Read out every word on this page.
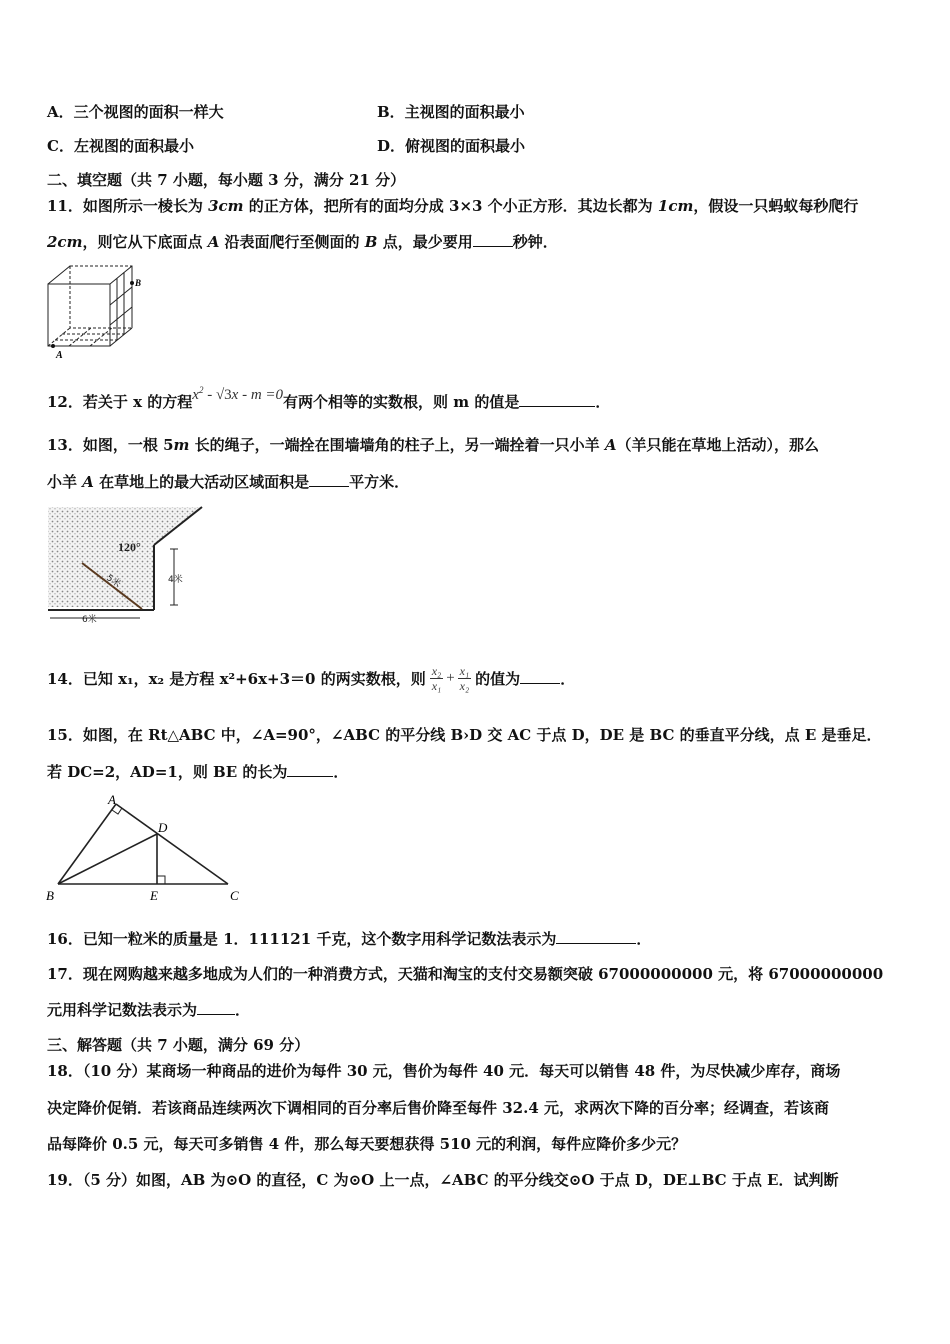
A．三个视图的面积一样大	B．主视图的面积最小
C．左视图的面积最小	D．俯视图的面积最小
二、填空题（共 7 小题，每小题 3 分，满分 21 分）
11．如图所示一棱长为 3cm 的正方体，把所有的面均分成 3×3 个小正方形．其边长都为 1cm，假设一只蚂蚁每秒爬行
2cm，则它从下底面点 A 沿表面爬行至侧面的 B 点，最少要用	秒钟．
B
A
12．若关于 x 的方程$x^2 - √3x - m =0$有两个相等的实数根，则 m 的值是	．
13．如图，一根 5m 长的绳子，一端拴在围墙墙角的柱子上，另一端拴着一只小羊 A（羊只能在草地上活动），那么
小羊 A 在草地上的最大活动区域面积是	平方米．
120°
5米	4米
6米
14．已知 x₁，x₂ 是方程 x²+6x+3＝0 的两实数根，则 $\frac{\text{x₂}}{\text{x₁}} + \frac{\text{x₁}}{\text{x₂}}$ 的值为	．
15．如图，在 Rt△ABC 中，∠A=90°，∠ABC 的平分线 B›D 交 AC 于点 D，DE 是 BC 的垂直平分线，点 E 是垂足．
若 DC=2，AD=1，则 BE 的长为	．
A
B	C
D
E
16．已知一粒米的质量是 1．111121 千克，这个数字用科学记数法表示为	．
17．现在网购越来越多地成为人们的一种消费方式，天猫和淘宝的支付交易额突破 67000000000 元，将 67000000000
元用科学记数法表示为	．
三、解答题（共 7 小题，满分 69 分）
18．（10 分）某商场一种商品的进价为每件 30 元，售价为每件 40 元．每天可以销售 48 件，为尽快减少库存，商场
决定降价促销．若该商品连续两次下调相同的百分率后售价降至每件 32.4 元，求两次下降的百分率；经调查，若该商
品每降价 0.5 元，每天可多销售 4 件，那么每天要想获得 510 元的利润，每件应降价多少元？
19．（5 分）如图，AB 为⊙O 的直径，C 为⊙O 上一点，∠ABC 的平分线交⊙O 于点 D，DE⊥BC 于点 E．试判断
